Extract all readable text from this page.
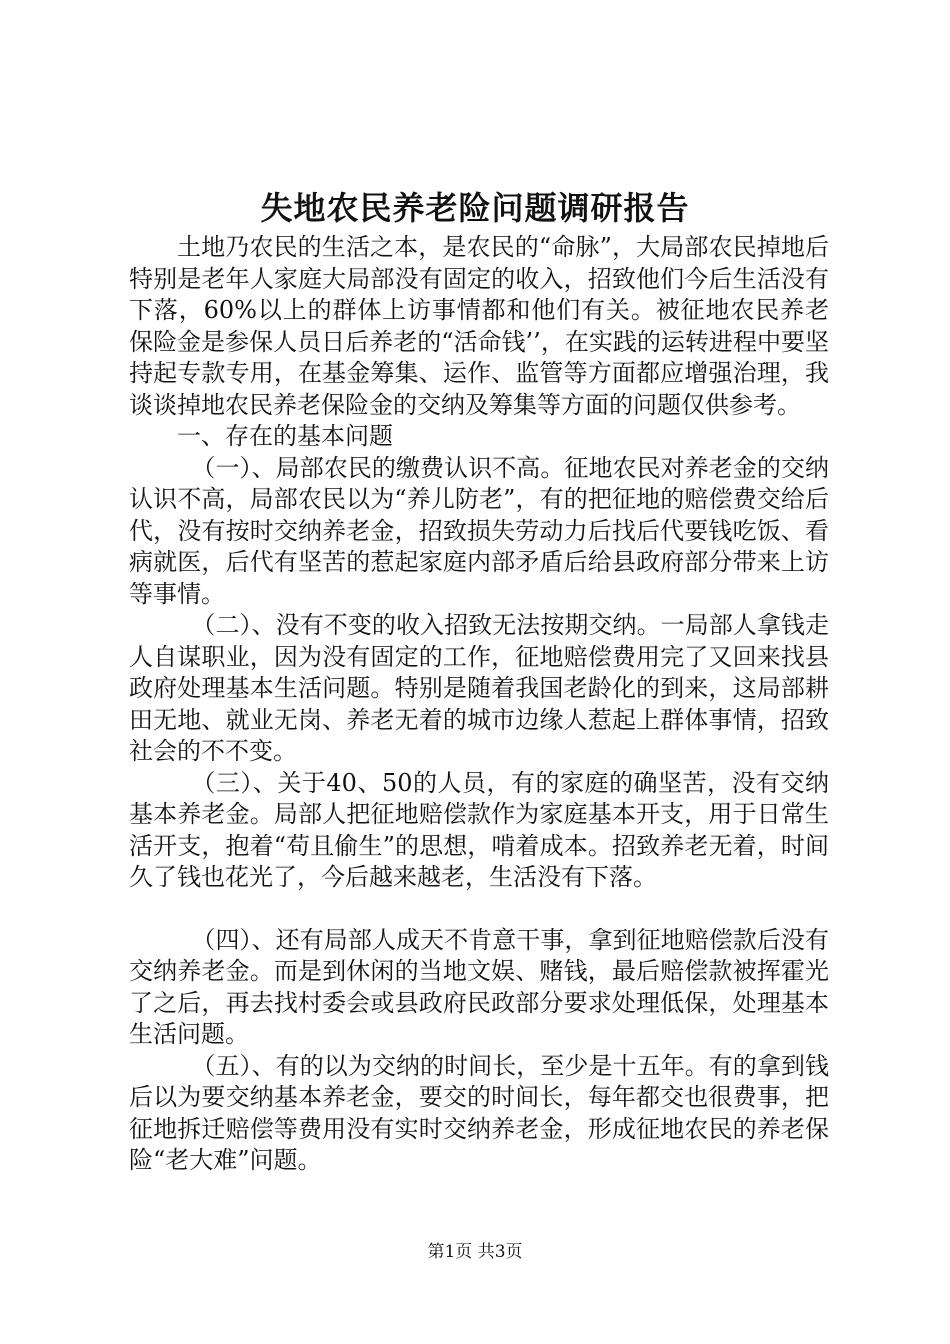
失地农民养老险问题调研报告

土地乃农民的生活之本，是农民的“命脉”，大局部农民掉地后特别是老年人家庭大局部没有固定的收入，招致他们今后生活没有下落，60%以上的群体上访事情都和他们有关。被征地农民养老保险金是参保人员日后养老的“活命钱’’，在实践的运转进程中要坚持起专款专用，在基金筹集、运作、监管等方面都应增强治理，我谈谈掉地农民养老保险金的交纳及筹集等方面的问题仅供参考。

一、存在的基本问题

（一）、局部农民的缴费认识不高。征地农民对养老金的交纳认识不高，局部农民以为“养儿防老”，有的把征地的赔偿费交给后代，没有按时交纳养老金，招致损失劳动力后找后代要钱吃饭、看病就医，后代有坚苦的惹起家庭内部矛盾后给县政府部分带来上访等事情。

（二）、没有不变的收入招致无法按期交纳。一局部人拿钱走人自谋职业，因为没有固定的工作，征地赔偿费用完了又回来找县政府处理基本生活问题。特别是随着我国老龄化的到来，这局部耕田无地、就业无岗、养老无着的城市边缘人惹起上群体事情，招致社会的不不变。

（三）、关于40、50的人员，有的家庭的确坚苦，没有交纳基本养老金。局部人把征地赔偿款作为家庭基本开支，用于日常生活开支，抱着“苟且偷生”的思想，啃着成本。招致养老无着，时间久了钱也花光了，今后越来越老，生活没有下落。

（四）、还有局部人成天不肯意干事，拿到征地赔偿款后没有交纳养老金。而是到休闲的当地文娱、赌钱，最后赔偿款被挥霍光了之后，再去找村委会或县政府民政部分要求处理低保，处理基本生活问题。

（五）、有的以为交纳的时间长，至少是十五年。有的拿到钱后以为要交纳基本养老金，要交的时间长，每年都交也很费事，把征地拆迁赔偿等费用没有实时交纳养老金，形成征地农民的养老保险“老大难”问题。

第1页 共3页
